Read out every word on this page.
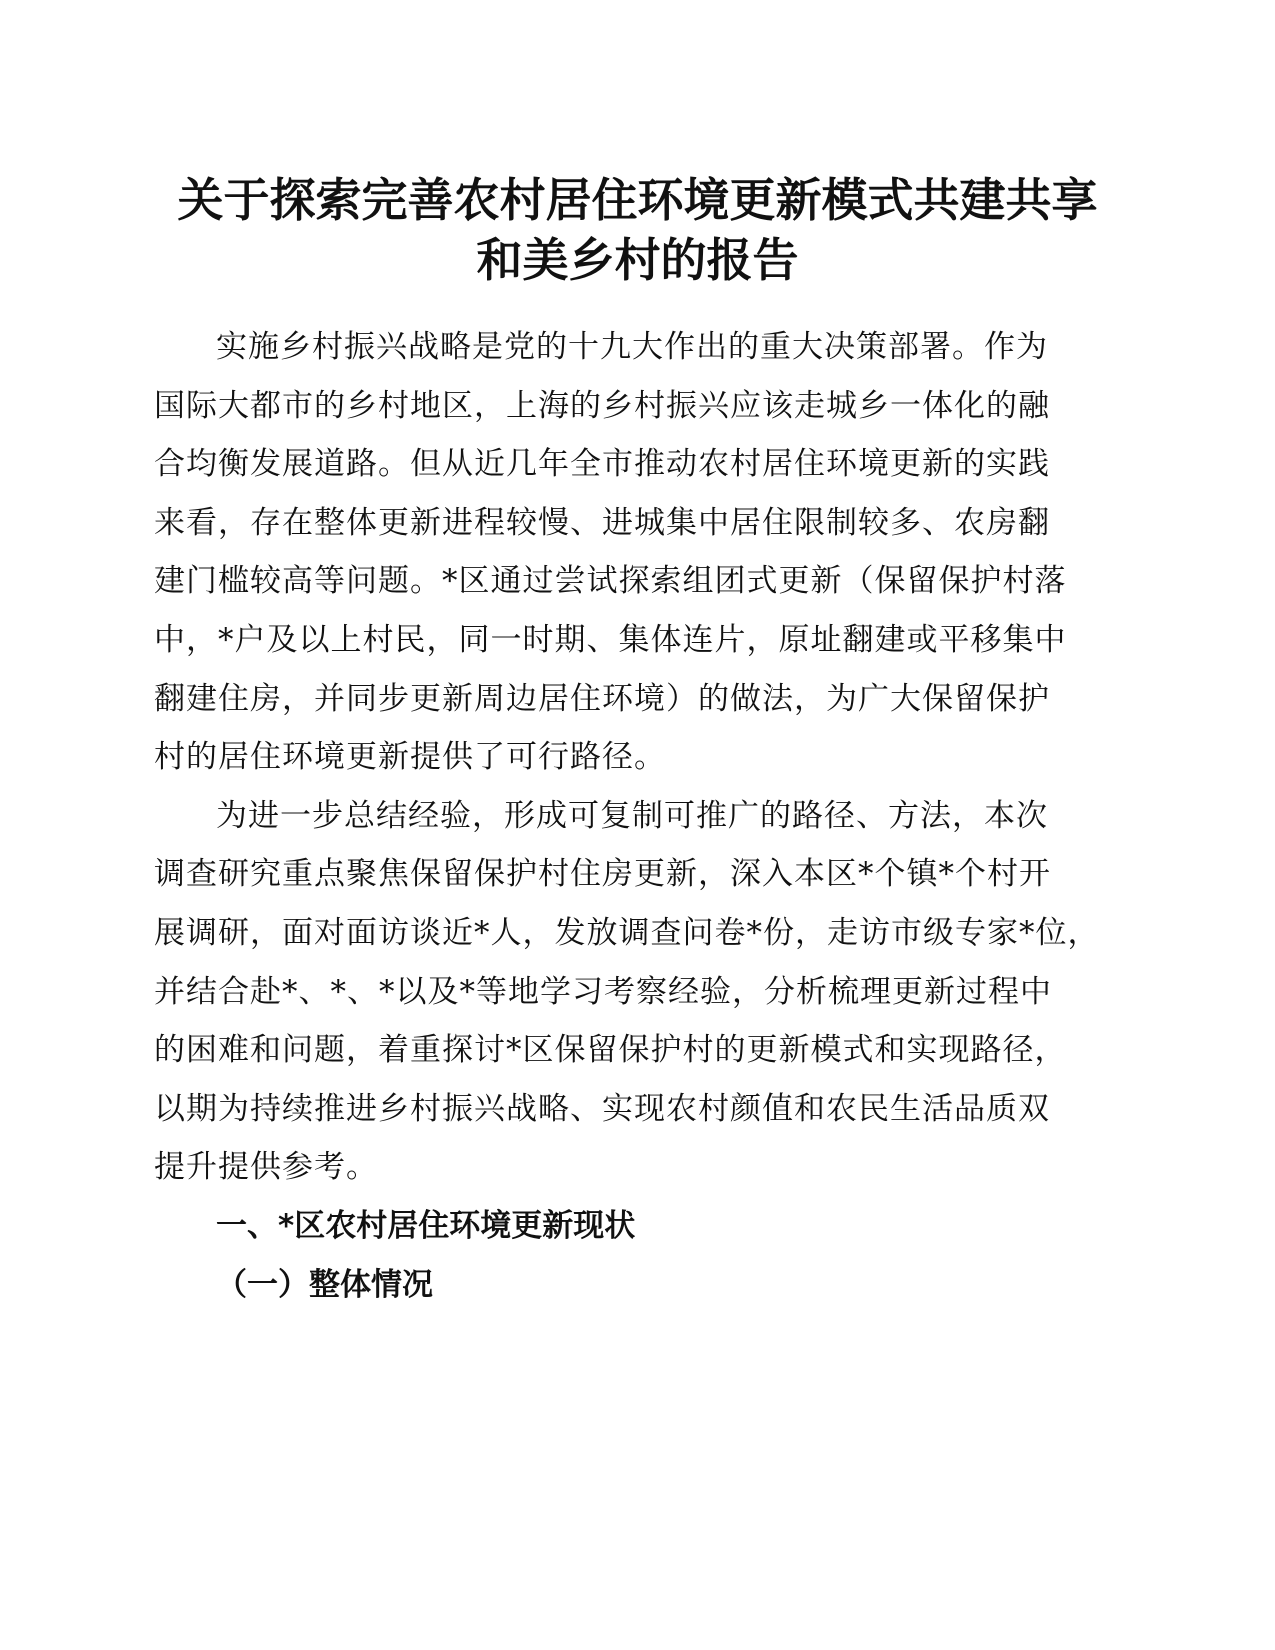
关于探索完善农村居住环境更新模式共建共享
和美乡村的报告

实施乡村振兴战略是党的十九大作出的重大决策部署。作为
国际大都市的乡村地区，上海的乡村振兴应该走城乡一体化的融
合均衡发展道路。但从近几年全市推动农村居住环境更新的实践
来看，存在整体更新进程较慢、进城集中居住限制较多、农房翻
建门槛较高等问题。*区通过尝试探索组团式更新（保留保护村落
中，*户及以上村民，同一时期、集体连片，原址翻建或平移集中
翻建住房，并同步更新周边居住环境）的做法，为广大保留保护
村的居住环境更新提供了可行路径。

为进一步总结经验，形成可复制可推广的路径、方法，本次
调查研究重点聚焦保留保护村住房更新，深入本区*个镇*个村开
展调研，面对面访谈近*人，发放调查问卷*份，走访市级专家*位，
并结合赴*、*、*以及*等地学习考察经验，分析梳理更新过程中
的困难和问题，着重探讨*区保留保护村的更新模式和实现路径，
以期为持续推进乡村振兴战略、实现农村颜值和农民生活品质双
提升提供参考。

一、*区农村居住环境更新现状
（一）整体情况
